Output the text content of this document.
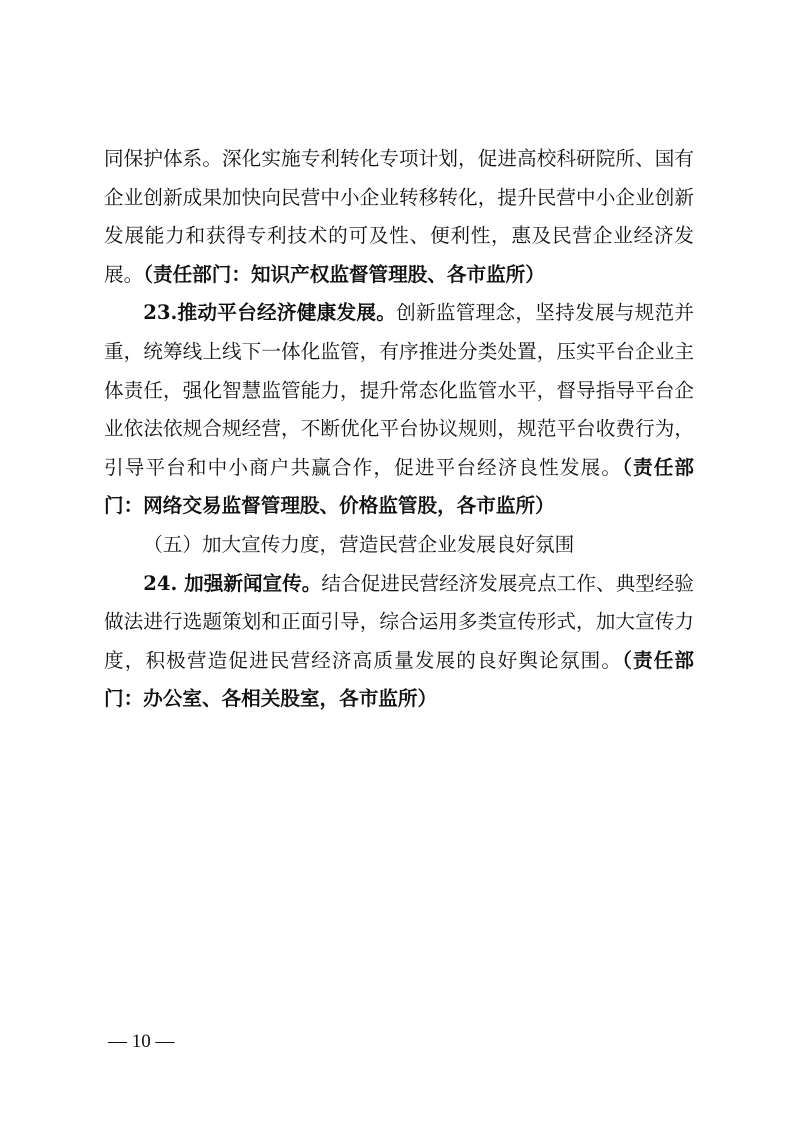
同保护体系。深化实施专利转化专项计划，促进高校科研院所、国有企业创新成果加快向民营中小企业转移转化，提升民营中小企业创新发展能力和获得专利技术的可及性、便利性，惠及民营企业经济发展。（责任部门：知识产权监督管理股、各市监所）

23.推动平台经济健康发展。创新监管理念，坚持发展与规范并重，统筹线上线下一体化监管，有序推进分类处置，压实平台企业主体责任，强化智慧监管能力，提升常态化监管水平，督导指导平台企业依法依规合规经营，不断优化平台协议规则，规范平台收费行为，引导平台和中小商户共赢合作，促进平台经济良性发展。（责任部门：网络交易监督管理股、价格监管股，各市监所）

（五）加大宣传力度，营造民营企业发展良好氛围

24. 加强新闻宣传。结合促进民营经济发展亮点工作、典型经验做法进行选题策划和正面引导，综合运用多类宣传形式，加大宣传力度，积极营造促进民营经济高质量发展的良好舆论氛围。（责任部门：办公室、各相关股室，各市监所）

— 10 —
